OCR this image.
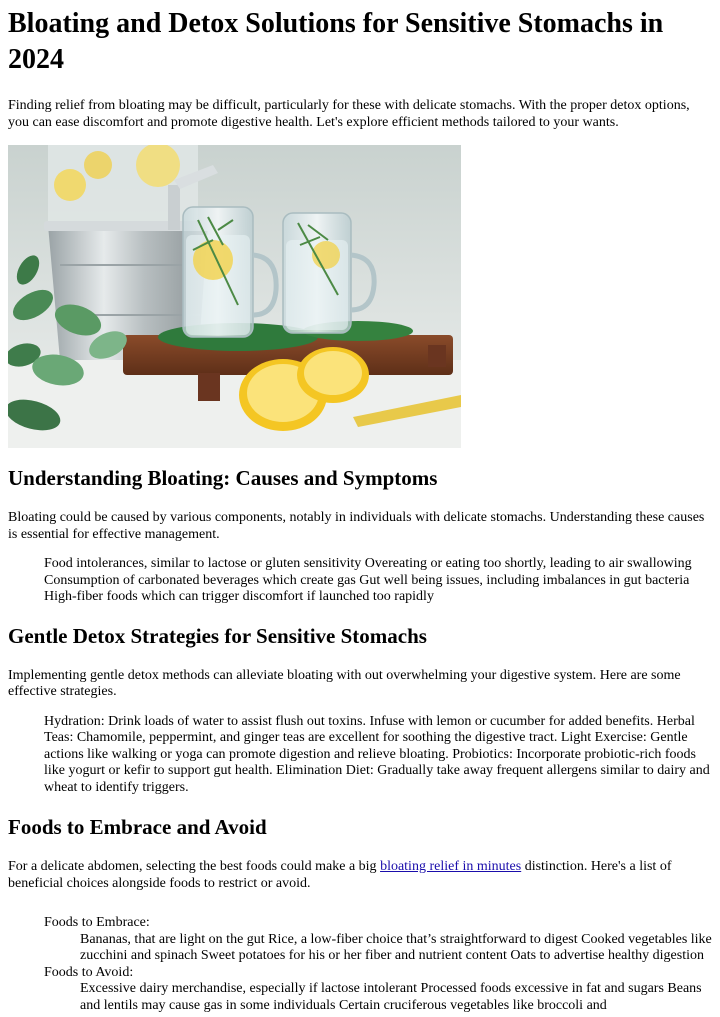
Bloating and Detox Solutions for Sensitive Stomachs in 2024

Finding relief from bloating may be difficult, particularly for these with delicate stomachs. With the proper detox options, you can ease discomfort and promote digestive health. Let's explore efficient methods tailored to your wants.

Understanding Bloating: Causes and Symptoms

Bloating could be caused by various components, notably in individuals with delicate stomachs. Understanding these causes is essential for effective management.

Food intolerances, similar to lactose or gluten sensitivity Overeating or eating too shortly, leading to air swallowing Consumption of carbonated beverages which create gas Gut well being issues, including imbalances in gut bacteria High-fiber foods which can trigger discomfort if launched too rapidly
Gentle Detox Strategies for Sensitive Stomachs

Implementing gentle detox methods can alleviate bloating with out overwhelming your digestive system. Here are some effective strategies.

Hydration: Drink loads of water to assist flush out toxins. Infuse with lemon or cucumber for added benefits. Herbal Teas: Chamomile, peppermint, and ginger teas are excellent for soothing the digestive tract. Light Exercise: Gentle actions like walking or yoga can promote digestion and relieve bloating. Probiotics: Incorporate probiotic-rich foods like yogurt or kefir to support gut health. Elimination Diet: Gradually take away frequent allergens similar to dairy and wheat to identify triggers.
Foods to Embrace and Avoid

For a delicate abdomen, selecting the best foods could make a big bloating relief in minutes distinction. Here's a list of beneficial choices alongside foods to restrict or avoid.

Foods to Embrace:
Bananas, that are light on the gut Rice, a low-fiber choice that’s straightforward to digest Cooked vegetables like zucchini and spinach Sweet potatoes for his or her fiber and nutrient content Oats to advertise healthy digestion
Foods to Avoid:
Excessive dairy merchandise, especially if lactose intolerant Processed foods excessive in fat and sugars Beans and lentils may cause gas in some individuals Certain cruciferous vegetables like broccoli and
